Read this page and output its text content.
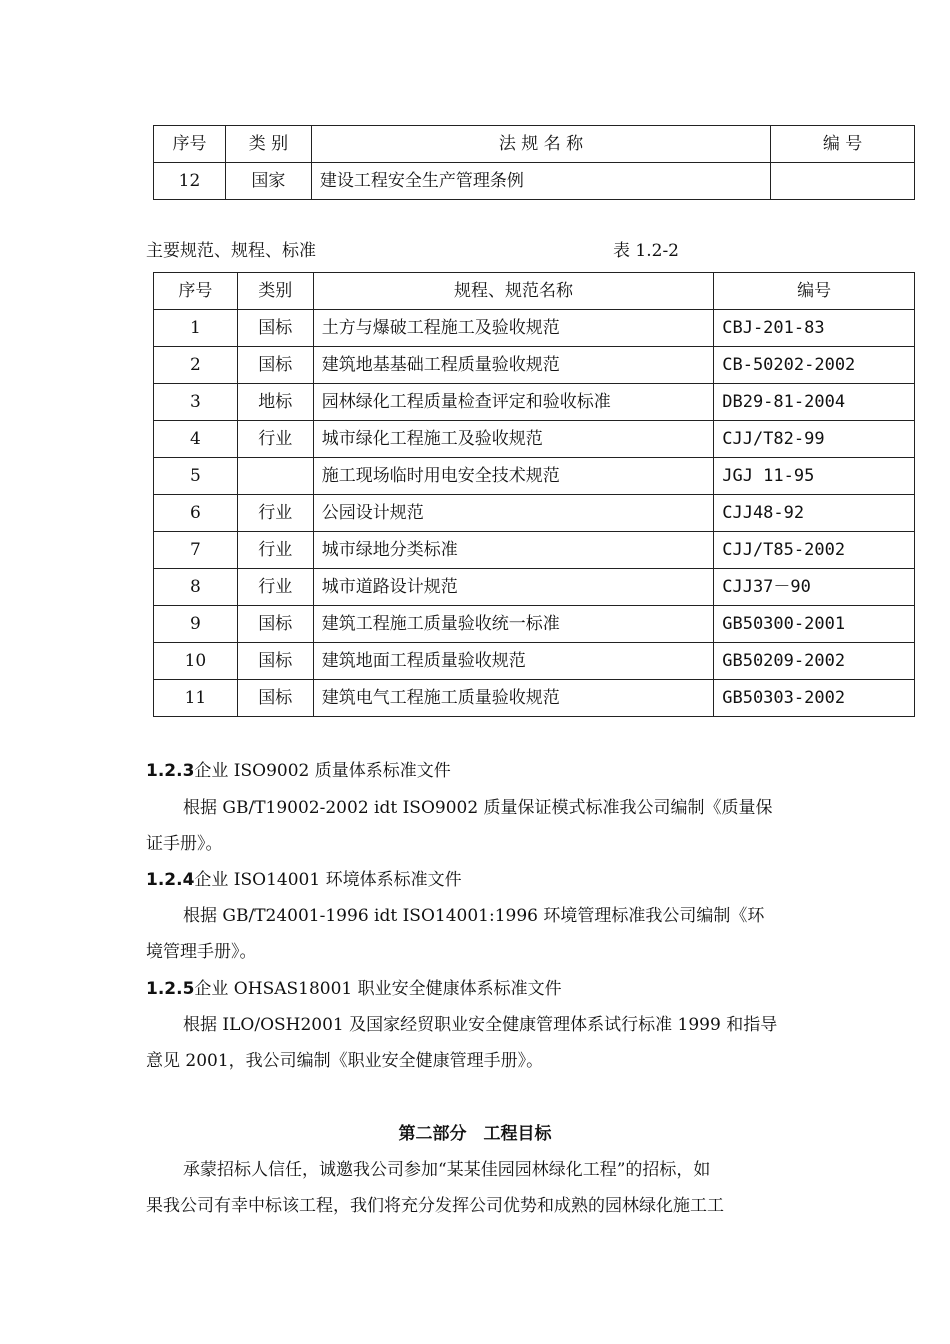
序号	类 别	法 规 名 称	编 号
12	国家	建设工程安全生产管理条例	
主要规范、规程、标准	表 1.2-2
序号	类别	规程、规范名称	编号
1	国标	土方与爆破工程施工及验收规范	CBJ-201-83
2	国标	建筑地基基础工程质量验收规范	CB-50202-2002
3	地标	园林绿化工程质量检查评定和验收标准	DB29-81-2004
4	行业	城市绿化工程施工及验收规范	CJJ/T82-99
5		施工现场临时用电安全技术规范	JGJ 11-95
6	行业	公园设计规范	CJJ48-92
7	行业	城市绿地分类标准	CJJ/T85-2002
8	行业	城市道路设计规范	CJJ37－90
9	国标	建筑工程施工质量验收统一标准	GB50300-2001
10	国标	建筑地面工程质量验收规范	GB50209-2002
11	国标	建筑电气工程施工质量验收规范	GB50303-2002
1.2.3企业 ISO9002 质量体系标准文件
根据 GB/T19002-2002 idt ISO9002 质量保证模式标准我公司编制《质量保
证手册》。
1.2.4企业 ISO14001 环境体系标准文件
根据 GB/T24001-1996 idt ISO14001:1996 环境管理标准我公司编制《环
境管理手册》。
1.2.5企业 OHSAS18001 职业安全健康体系标准文件
根据 ILO/OSH2001 及国家经贸职业安全健康管理体系试行标准 1999 和指导
意见 2001，我公司编制《职业安全健康管理手册》。
第二部分　工程目标
承蒙招标人信任，诚邀我公司参加“某某佳园园林绿化工程”的招标，如
果我公司有幸中标该工程，我们将充分发挥公司优势和成熟的园林绿化施工工
